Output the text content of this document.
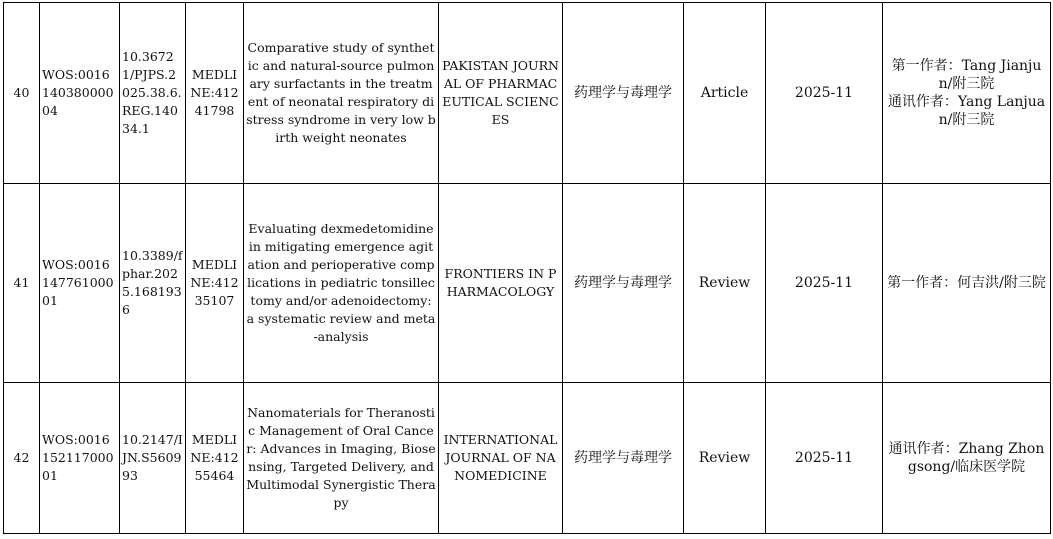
40	WOS:001614038000004	10.36721/PJPS.2025.38.6.REG.14034.1	MEDLINE:41241798	Comparative study of synthetic and natural-source pulmonary surfactants in the treatment of neonatal respiratory distress syndrome in very low birth weight neonates	PAKISTAN JOURNAL OF PHARMACEUTICAL SCIENCES	药理学与毒理学	Article	2025-11	第一作者：Tang Jianjun/附三院
通讯作者：Yang Lanjuan/附三院

41	WOS:001614776100001	10.3389/fphar.2025.1681936	MEDLINE:41235107	Evaluating dexmedetomidine in mitigating emergence agitation and perioperative complications in pediatric tonsillectomy and/or adenoidectomy: a systematic review and meta-analysis	FRONTIERS IN PHARMACOLOGY	药理学与毒理学	Review	2025-11	第一作者：何吉洪/附三院

42	WOS:001615211700001	10.2147/IJN.S560993	MEDLINE:41255464	Nanomaterials for Theranostic Management of Oral Cancer: Advances in Imaging, Biosensing, Targeted Delivery, and Multimodal Synergistic Therapy	INTERNATIONAL JOURNAL OF NANOMEDICINE	药理学与毒理学	Review	2025-11	通讯作者：Zhang Zhongsong/临床医学院
